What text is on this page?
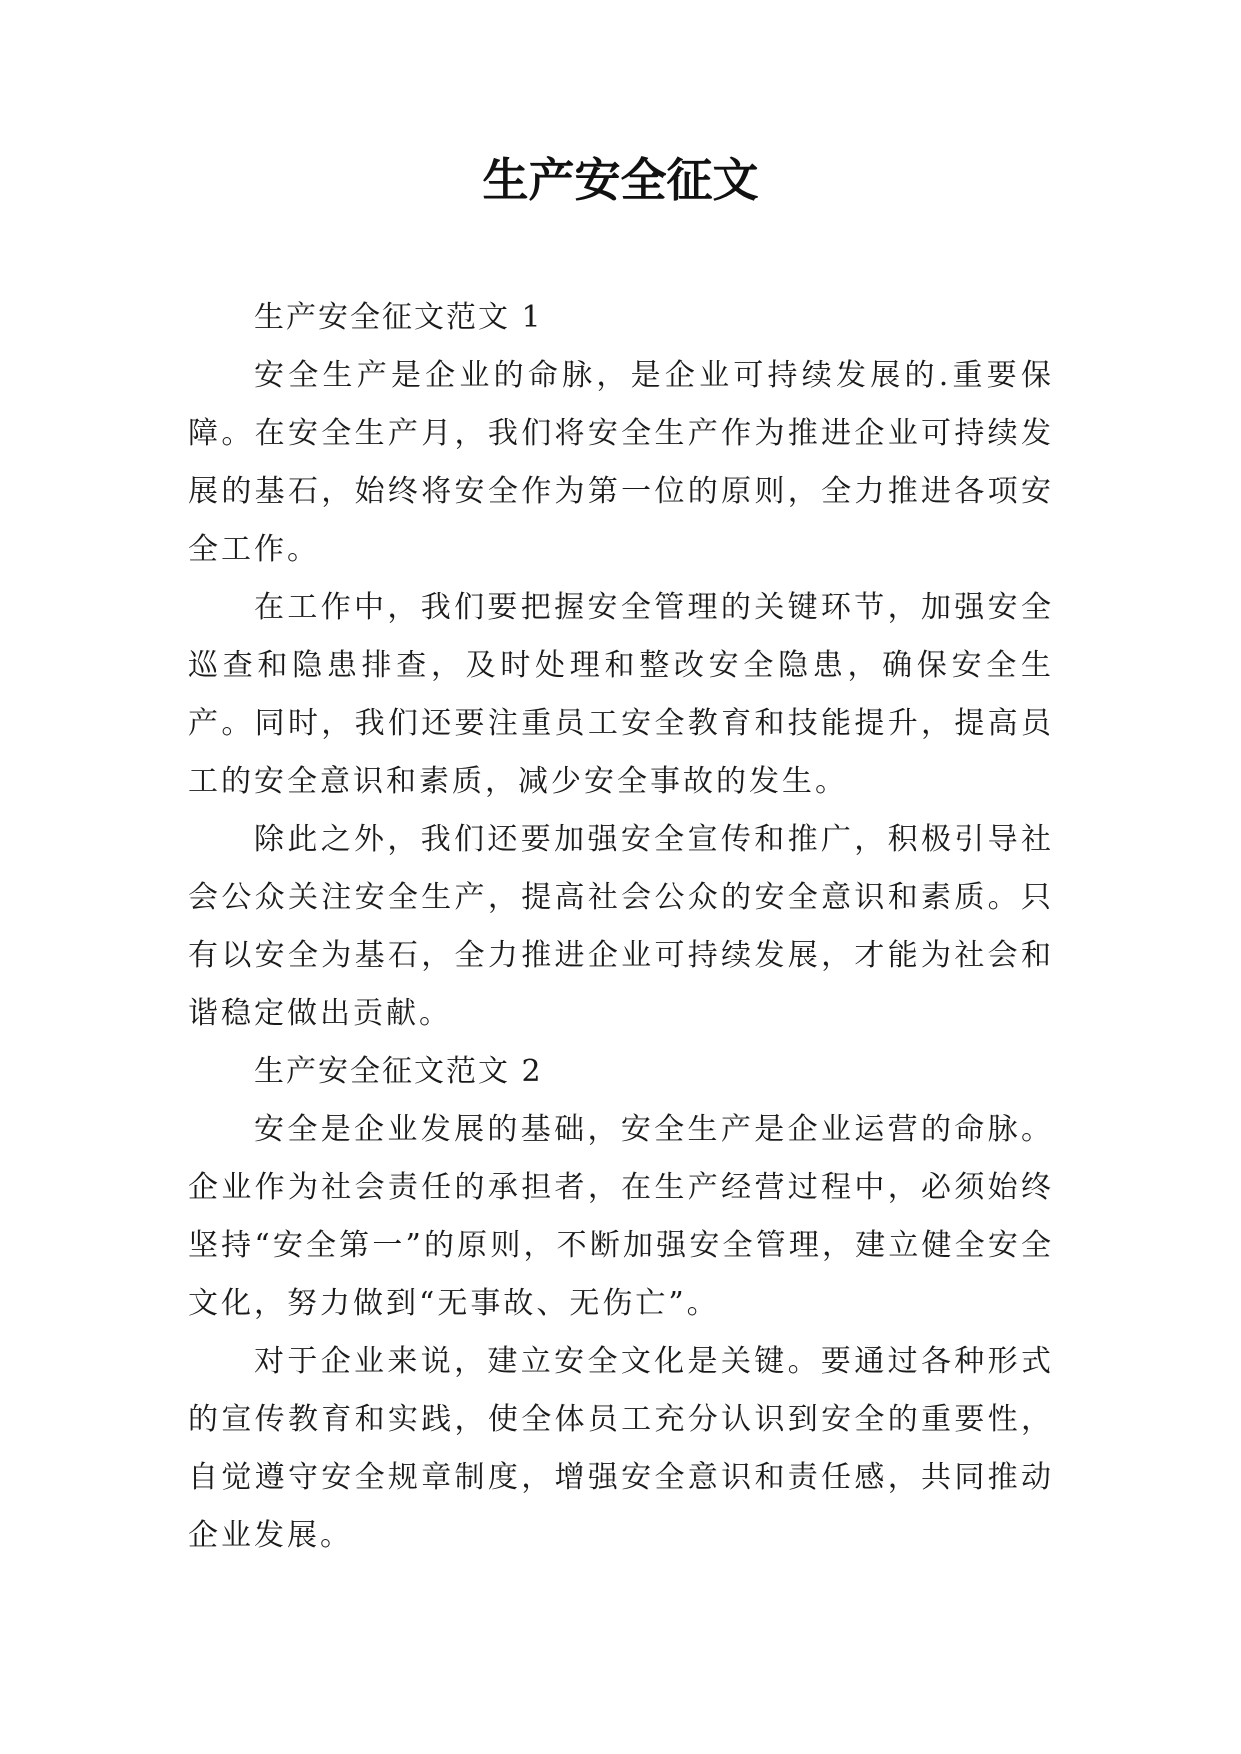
生产安全征文

生产安全征文范文 1

安全生产是企业的命脉，是企业可持续发展的.重要保障。在安全生产月，我们将安全生产作为推进企业可持续发展的基石，始终将安全作为第一位的原则，全力推进各项安全工作。

在工作中，我们要把握安全管理的关键环节，加强安全巡查和隐患排查，及时处理和整改安全隐患，确保安全生产。同时，我们还要注重员工安全教育和技能提升，提高员工的安全意识和素质，减少安全事故的发生。

除此之外，我们还要加强安全宣传和推广，积极引导社会公众关注安全生产，提高社会公众的安全意识和素质。只有以安全为基石，全力推进企业可持续发展，才能为社会和谐稳定做出贡献。

生产安全征文范文 2

安全是企业发展的基础，安全生产是企业运营的命脉。企业作为社会责任的承担者，在生产经营过程中，必须始终坚持“安全第一”的原则，不断加强安全管理，建立健全安全文化，努力做到“无事故、无伤亡”。

对于企业来说，建立安全文化是关键。要通过各种形式的宣传教育和实践，使全体员工充分认识到安全的重要性，自觉遵守安全规章制度，增强安全意识和责任感，共同推动企业发展。
